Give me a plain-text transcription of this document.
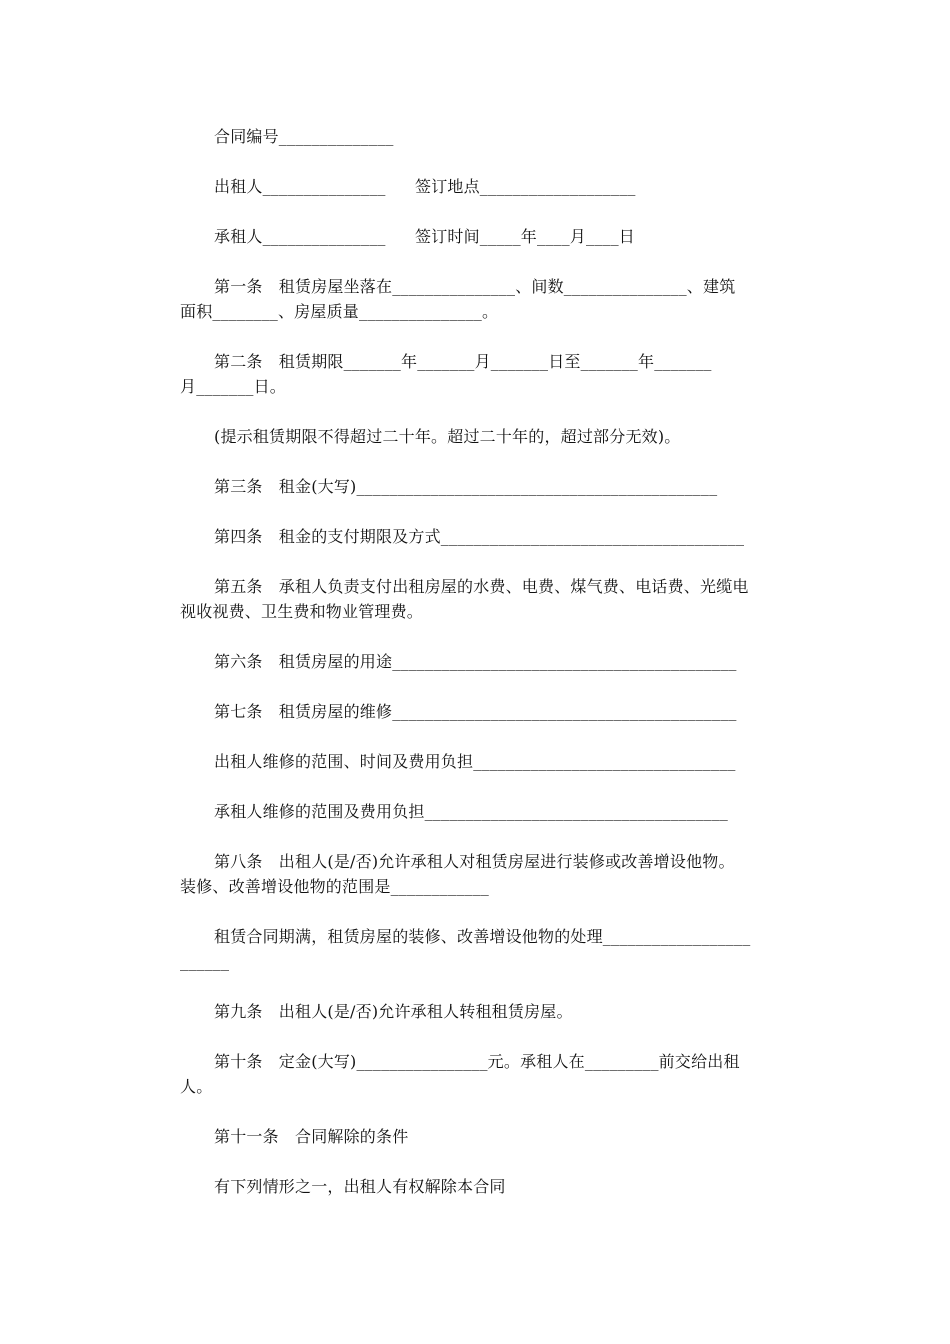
合同编号______________
出租人_______________ 签订地点___________________
承租人_______________ 签订时间_____年____月____日
第一条　租赁房屋坐落在_______________、间数_______________、建筑
面积________、房屋质量_______________。
第二条　租赁期限_______年_______月_______日至_______年_______
月_______日。
(提示租赁期限不得超过二十年。超过二十年的，超过部分无效)。
第三条　租金(大写)____________________________________________
第四条　租金的支付期限及方式_____________________________________
第五条　承租人负责支付出租房屋的水费、电费、煤气费、电话费、光缆电
视收视费、卫生费和物业管理费。
第六条　租赁房屋的用途__________________________________________
第七条　租赁房屋的维修__________________________________________
出租人维修的范围、时间及费用负担________________________________
承租人维修的范围及费用负担_____________________________________
第八条　出租人(是/否)允许承租人对租赁房屋进行装修或改善增设他物。
装修、改善增设他物的范围是____________
租赁合同期满，租赁房屋的装修、改善增设他物的处理__________________
______
第九条　出租人(是/否)允许承租人转租租赁房屋。
第十条　定金(大写)________________元。承租人在_________前交给出租
人。
第十一条　合同解除的条件
有下列情形之一，出租人有权解除本合同
